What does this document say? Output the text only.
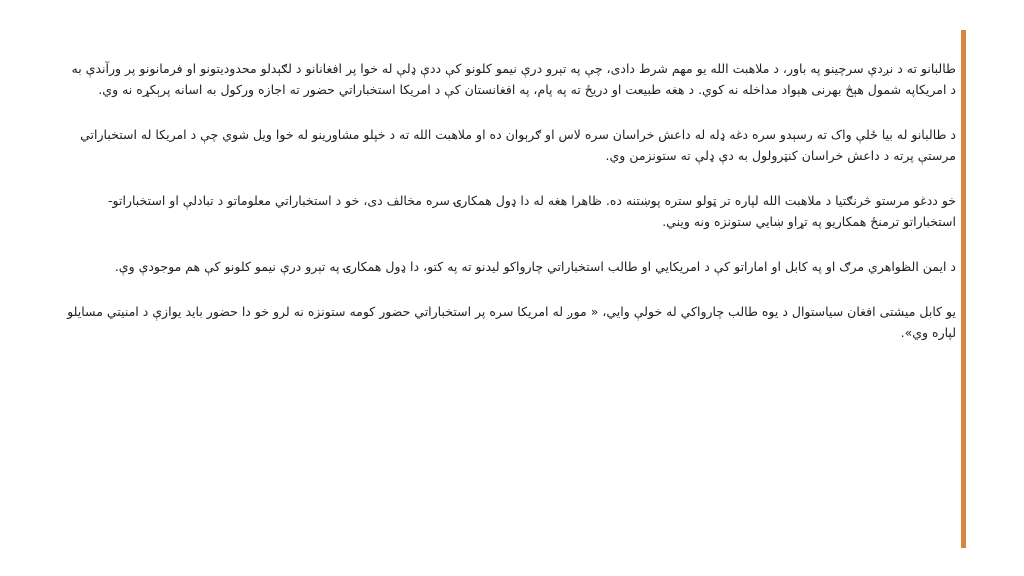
طالبانو ته د نږدې سرچینو په باور، د ملاهبت الله یو مهم شرط دادی، چې په تېرو درې نیمو کلونو کې ددې ډلې له خوا پر افغانانو د لګېدلو محدودیتونو او فرمانونو پر ورآندې به د امریکاپه شمول هېڅ بهرنی هېواد مداخله نه کوي. د هغه طبیعت او دریځ ته په پام، په افغانستان کې د امریکا استخباراتي حضور ته اجازه ورکول به اسانه پرېکړه نه وي.

د طالبانو له بیا ځلې واک ته رسېدو سره دغه ډله له داعش خراسان سره لاس او ګرېوان ده او ملاهبت الله ته د خپلو مشاورینو له خوا ویل شوي چې د امریکا له استخباراتي مرستې پرته د داعش خراسان کنټرولول به دې ډلې ته ستونزمن وي.

خو ددغو مرستو څرنګتیا د ملاهبت الله لپاره تر ټولو ستره پوښتنه ده. ظاهرا هغه له دا ډول همکارۍ سره مخالف دی، خو د استخباراتي معلوماتو د تبادلې او استخباراتو-استخباراتو ترمنځ همکاریو په تړاو ښایي ستونزه ونه ویني.

د ایمن الظواهري مرګ او په کابل او اماراتو کې د امریکایي او طالب استخباراتي چارواکو لیدنو ته په کتو، دا ډول همکارۍ په تېرو درې نیمو کلونو کې هم موجودې وې.

یو کابل میشتی افغان سیاستوال د یوه طالب چارواکي له خولې وایي، « موږ له امریکا سره پر استخباراتي حضور کومه ستونزه نه لرو خو دا حضور باید یوازې د امنیتي مسایلو لپاره وي».
